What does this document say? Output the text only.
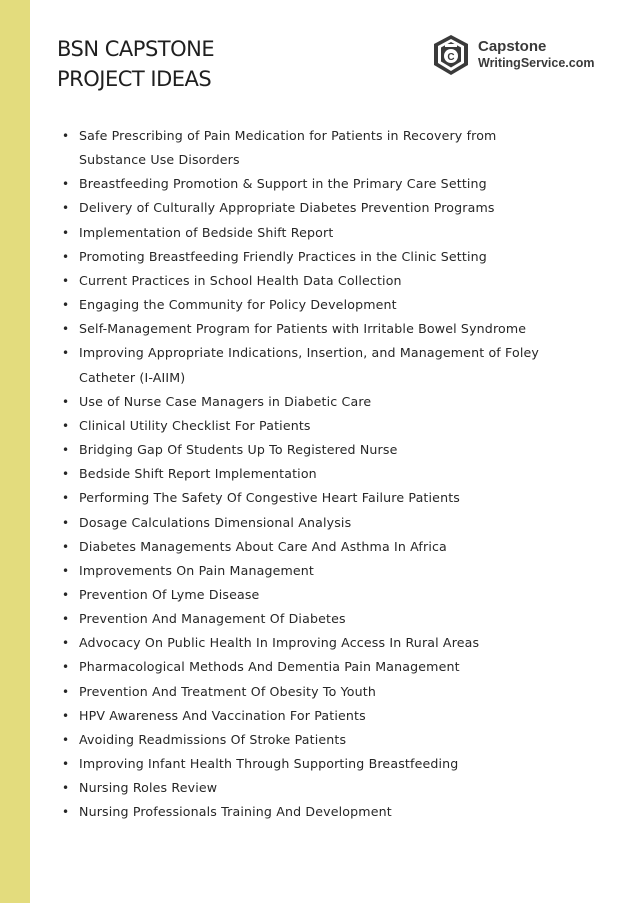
BSN CAPSTONE
PROJECT IDEAS
C
Capstone
WritingService.com
• Safe Prescribing of Pain Medication for Patients in Recovery from Substance Use Disorders
• Breastfeeding Promotion & Support in the Primary Care Setting
• Delivery of Culturally Appropriate Diabetes Prevention Programs
• Implementation of Bedside Shift Report
• Promoting Breastfeeding Friendly Practices in the Clinic Setting
• Current Practices in School Health Data Collection
• Engaging the Community for Policy Development
• Self-Management Program for Patients with Irritable Bowel Syndrome
• Improving Appropriate Indications, Insertion, and Management of Foley Catheter (I-AIIM)
• Use of Nurse Case Managers in Diabetic Care
• Clinical Utility Checklist For Patients
• Bridging Gap Of Students Up To Registered Nurse
• Bedside Shift Report Implementation
• Performing The Safety Of Congestive Heart Failure Patients
• Dosage Calculations Dimensional Analysis
• Diabetes Managements About Care And Asthma In Africa
• Improvements On Pain Management
• Prevention Of Lyme Disease
• Prevention And Management Of Diabetes
• Advocacy On Public Health In Improving Access In Rural Areas
• Pharmacological Methods And Dementia Pain Management
• Prevention And Treatment Of Obesity To Youth
• HPV Awareness And Vaccination For Patients
• Avoiding Readmissions Of Stroke Patients
• Improving Infant Health Through Supporting Breastfeeding
• Nursing Roles Review
• Nursing Professionals Training And Development
